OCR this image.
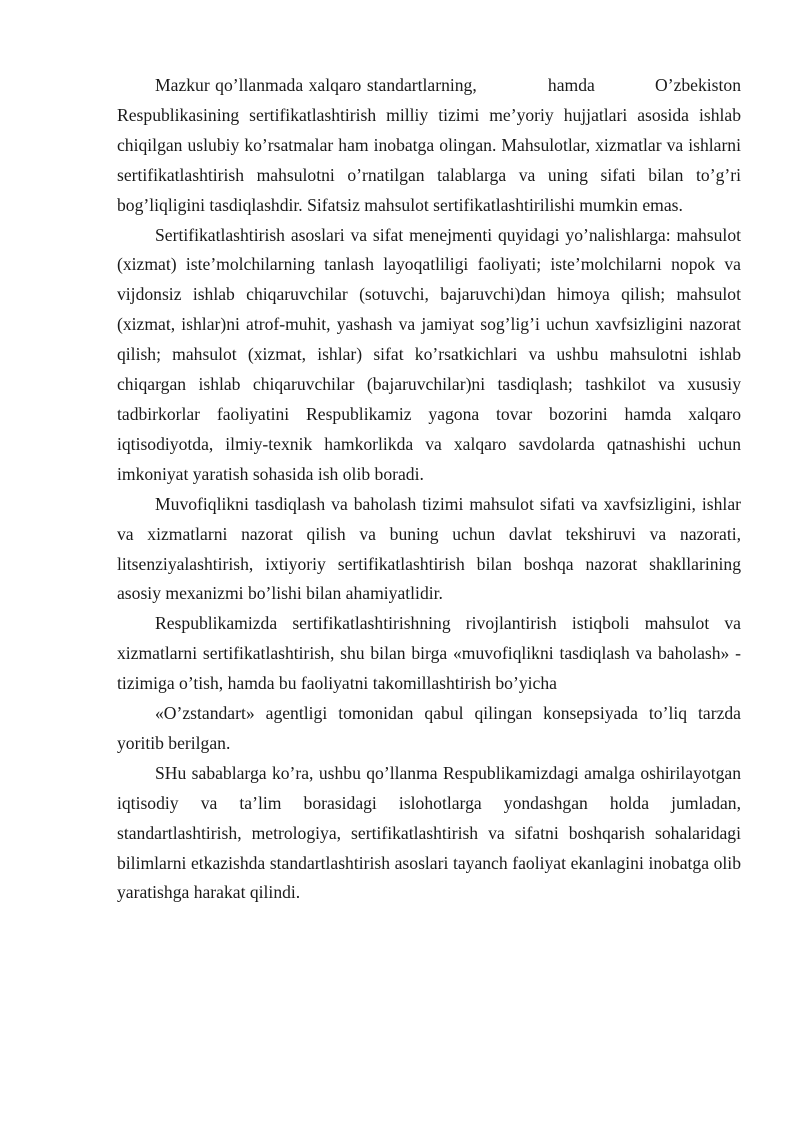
Mazkur qo’llanmada xalqaro standartlarning,             hamda           O’zbekiston Respublikasining sertifikatlashtirish milliy tizimi me’yoriy hujjatlari asosida ishlab chiqilgan uslubiy ko’rsatmalar ham inobatga olingan. Mahsulotlar, xizmatlar va ishlarni sertifikatlashtirish mahsulotni o’rnatilgan talablarga va uning sifati bilan to’g’ri bog’liqligini tasdiqlashdir. Sifatsiz mahsulot sertifikatlashtirilishi mumkin emas.

Sertifikatlashtirish asoslari va sifat menejmenti quyidagi yo’nalishlarga: mahsulot (xizmat) iste’molchilarning tanlash layoqatliligi faoliyati; iste’molchilarni nopok va vijdonsiz ishlab chiqaruvchilar (sotuvchi, bajaruvchi)dan himoya qilish; mahsulot (xizmat, ishlar)ni atrof-muhit, yashash va jamiyat sog’lig’i uchun xavfsizligini nazorat qilish; mahsulot (xizmat, ishlar) sifat ko’rsatkichlari va ushbu mahsulotni ishlab chiqargan ishlab chiqaruvchilar (bajaruvchilar)ni tasdiqlash; tashkilot va xususiy tadbirkorlar faoliyatini Respublikamiz yagona tovar bozorini hamda xalqaro iqtisodiyotda, ilmiy-texnik hamkorlikda va xalqaro savdolarda qatnashishi uchun imkoniyat yaratish sohasida ish olib boradi.

Muvofiqlikni tasdiqlash va baholash tizimi mahsulot sifati va xavfsizligini, ishlar va xizmatlarni nazorat qilish va buning uchun davlat tekshiruvi va nazorati, litsenziyalashtirish, ixtiyoriy sertifikatlashtirish bilan boshqa nazorat shakllarining asosiy mexanizmi bo’lishi bilan ahamiyatlidir.

Respublikamizda sertifikatlashtirishning rivojlantirish istiqboli mahsulot va xizmatlarni sertifikatlashtirish, shu bilan birga «muvofiqlikni tasdiqlash va baholash» - tizimiga o’tish, hamda bu faoliyatni takomillashtirish bo’yicha

«O’zstandart» agentligi tomonidan qabul qilingan konsepsiyada to’liq tarzda yoritib berilgan.

SHu sabablarga ko’ra, ushbu qo’llanma Respublikamizdagi amalga oshirilayotgan iqtisodiy va ta’lim borasidagi islohotlarga yondashgan holda jumladan, standartlashtirish, metrologiya, sertifikatlashtirish va sifatni boshqarish sohalaridagi bilimlarni etkazishda standartlashtirish asoslari tayanch faoliyat ekanlagini inobatga olib yaratishga harakat qilindi.
